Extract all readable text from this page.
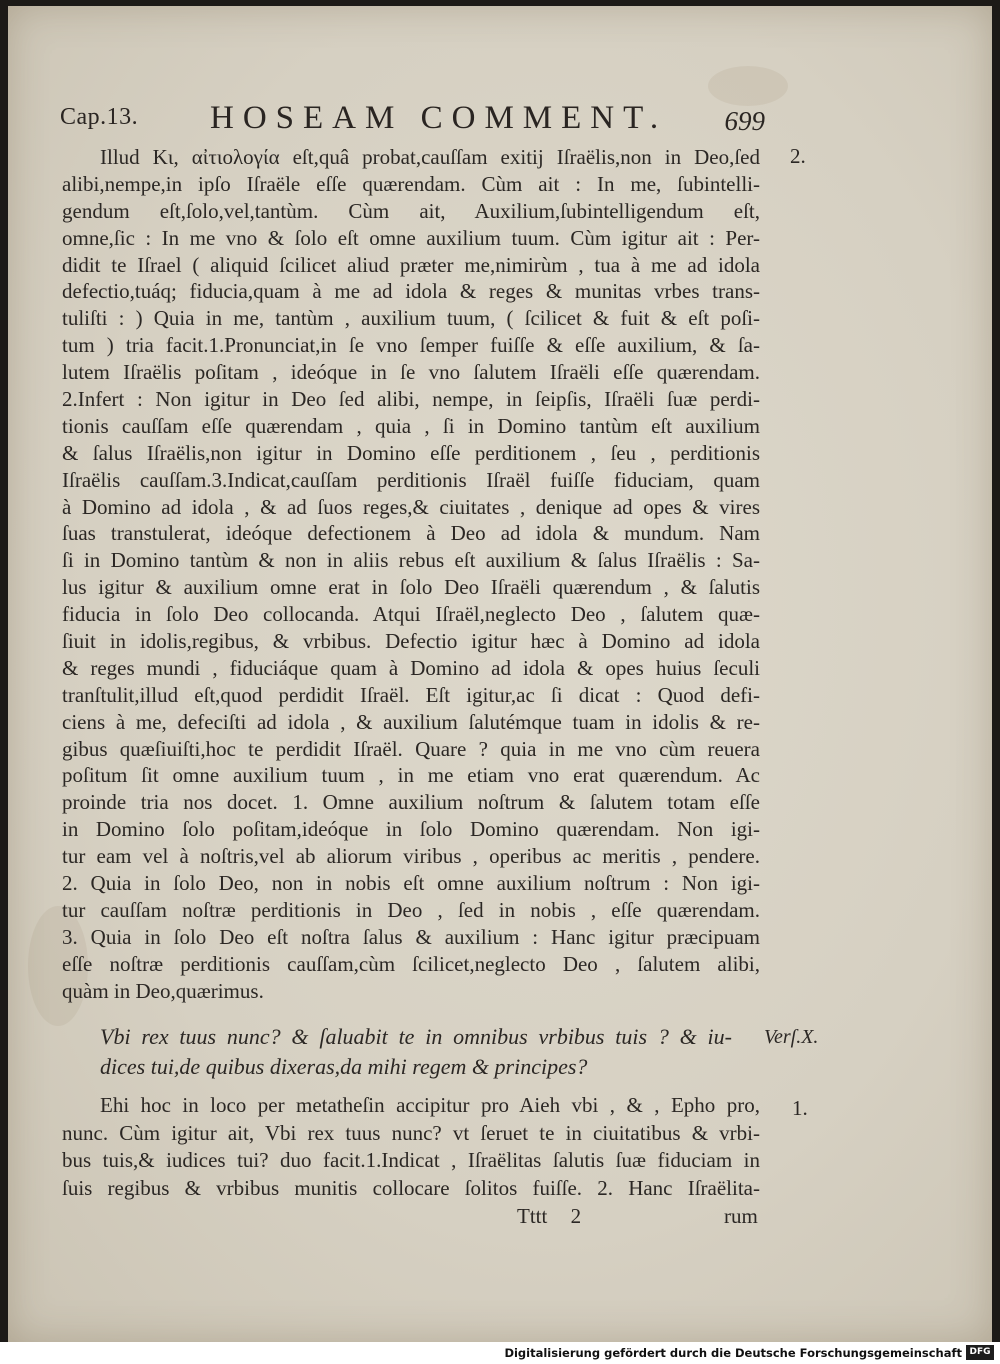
Cap.13. HOSEAM COMMENT. 699
2.
Illud Κι, αἰτιολογία eſt,quâ probat,cauſſam exitij Iſraëlis,non in Deo,ſed
alibi,nempe,in ipſo Iſraële eſſe quærendam. Cùm ait : In me, ſubintelli-
gendum eſt,ſolo,vel,tantùm. Cùm ait, Auxilium,ſubintelligendum eſt,
omne,ſic : In me vno & ſolo eſt omne auxilium tuum. Cùm igitur ait : Per-
didit te Iſrael ( aliquid ſcilicet aliud præter me,nimirùm , tua à me ad idola
defectio,tuáq; fiducia,quam à me ad idola & reges & munitas vrbes trans-
tuliſti : ) Quia in me, tantùm , auxilium tuum, ( ſcilicet & fuit & eſt poſi-
tum ) tria facit.1.Pronunciat,in ſe vno ſemper fuiſſe & eſſe auxilium, & ſa-
lutem Iſraëlis poſitam , ideóque in ſe vno ſalutem Iſraëli eſſe quærendam.
2.Infert : Non igitur in Deo ſed alibi, nempe, in ſeipſis, Iſraëli ſuæ perdi-
tionis cauſſam eſſe quærendam , quia , ſi in Domino tantùm eſt auxilium
& ſalus Iſraëlis,non igitur in Domino eſſe perditionem , ſeu , perditionis
Iſraëlis cauſſam.3.Indicat,cauſſam perditionis Iſraël fuiſſe fiduciam, quam
à Domino ad idola , & ad ſuos reges,& ciuitates , denique ad opes & vires
ſuas transtulerat, ideóque defectionem à Deo ad idola & mundum. Nam
ſi in Domino tantùm & non in aliis rebus eſt auxilium & ſalus Iſraëlis : Sa-
lus igitur & auxilium omne erat in ſolo Deo Iſraëli quærendum , & ſalutis
fiducia in ſolo Deo collocanda. Atqui Iſraël,neglecto Deo , ſalutem quæ-
ſiuit in idolis,regibus, & vrbibus. Defectio igitur hæc à Domino ad idola
& reges mundi , fiduciáque quam à Domino ad idola & opes huius ſeculi
tranſtulit,illud eſt,quod perdidit Iſraël. Eſt igitur,ac ſi dicat : Quod defi-
ciens à me, defeciſti ad idola , & auxilium ſalutémque tuam in idolis & re-
gibus quæſiuiſti,hoc te perdidit Iſraël. Quare ? quia in me vno cùm reuera
poſitum ſit omne auxilium tuum , in me etiam vno erat quærendum. Ac
proinde tria nos docet. 1. Omne auxilium noſtrum & ſalutem totam eſſe
in Domino ſolo poſitam,ideóque in ſolo Domino quærendam. Non igi-
tur eam vel à noſtris,vel ab aliorum viribus , operibus ac meritis , pendere.
2. Quia in ſolo Deo, non in nobis eſt omne auxilium noſtrum : Non igi-
tur cauſſam noſtræ perditionis in Deo , ſed in nobis , eſſe quærendam.
3. Quia in ſolo Deo eſt noſtra ſalus & auxilium : Hanc igitur præcipuam
eſſe noſtræ perditionis cauſſam,cùm ſcilicet,neglecto Deo , ſalutem alibi,
quàm in Deo,quærimus.
Verſ.X.
Vbi rex tuus nunc? & ſaluabit te in omnibus vrbibus tuis ? & iu-
dices tui,de quibus dixeras,da mihi regem & principes?
1.
Ehi hoc in loco per metatheſin accipitur pro Aieh vbi , & , Epho pro,
nunc. Cùm igitur ait, Vbi rex tuus nunc? vt ſeruet te in ciuitatibus & vrbi-
bus tuis,& iudices tui? duo facit.1.Indicat , Iſraëlitas ſalutis ſuæ fiduciam in
ſuis regibus & vrbibus munitis collocare ſolitos fuiſſe. 2. Hanc Iſraëlita-
Tttt 2	rum
Digitalisierung gefördert durch die Deutsche Forschungsgemeinschaft DFG
